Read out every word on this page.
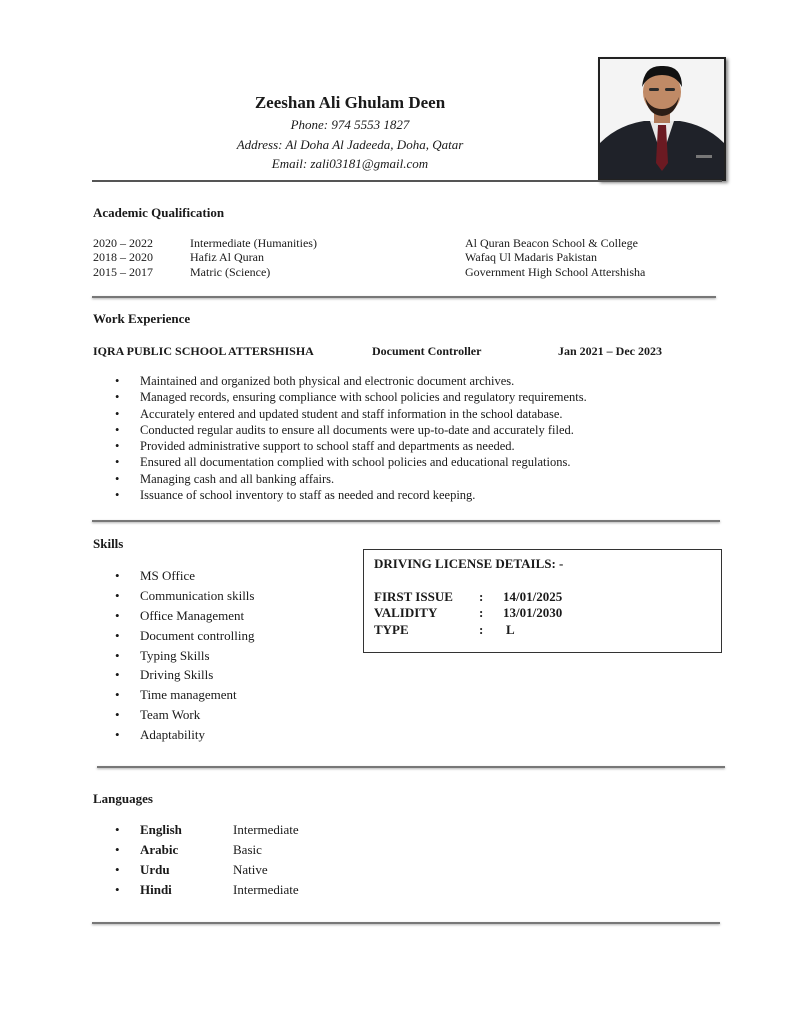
Zeeshan Ali Ghulam Deen
Phone: 974 5553 1827
Address: Al Doha Al Jadeeda, Doha, Qatar
Email: zali03181@gmail.com
Academic Qualification
2020 – 2022	Intermediate (Humanities)	Al Quran Beacon School & College
2018 – 2020	Hafiz Al Quran	Wafaq Ul Madaris Pakistan
2015 – 2017	Matric (Science)	Government High School Attershisha
Work Experience
IQRA PUBLIC SCHOOL ATTERSHISHA	Document Controller	Jan 2021 – Dec 2023
• Maintained and organized both physical and electronic document archives.
• Managed records, ensuring compliance with school policies and regulatory requirements.
• Accurately entered and updated student and staff information in the school database.
• Conducted regular audits to ensure all documents were up-to-date and accurately filed.
• Provided administrative support to school staff and departments as needed.
• Ensured all documentation complied with school policies and educational regulations.
• Managing cash and all banking affairs.
• Issuance of school inventory to staff as needed and record keeping.
Skills
• MS Office
• Communication skills
• Office Management
• Document controlling
• Typing Skills
• Driving Skills
• Time management
• Team Work
• Adaptability
DRIVING LICENSE DETAILS: -
FIRST ISSUE : 14/01/2025
VALIDITY	: 13/01/2030
TYPE	: L
Languages
• English	Intermediate
• Arabic	Basic
• Urdu	Native
• Hindi	Intermediate
